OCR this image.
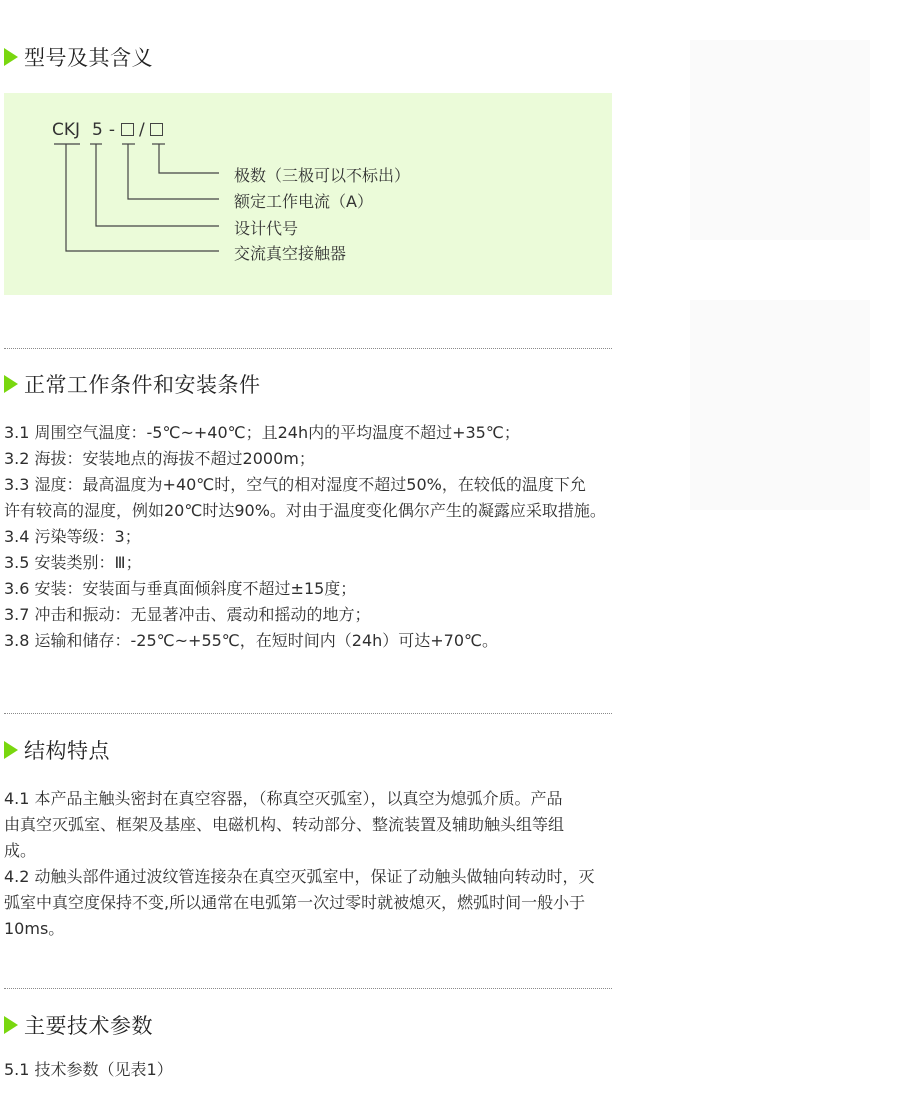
型号及其含义
CKJ 5 - /
极数（三极可以不标出）
额定工作电流（A）
设计代号
交流真空接触器
正常工作条件和安装条件
3.1 周围空气温度：-5℃~+40℃；且24h内的平均温度不超过+35℃；
3.2 海拔：安装地点的海拔不超过2000m；
3.3 湿度：最高温度为+40℃时，空气的相对湿度不超过50%，在较低的温度下允
许有较高的湿度，例如20℃时达90%。对由于温度变化偶尔产生的凝露应采取措施。
3.4 污染等级：3；
3.5 安装类别：Ⅲ；
3.6 安装：安装面与垂真面倾斜度不超过±15度；
3.7 冲击和振动：无显著冲击、震动和摇动的地方；
3.8 运输和储存：-25℃~+55℃，在短时间内（24h）可达+70℃。
结构特点
4.1 本产品主触头密封在真空容器，（称真空灭弧室），以真空为熄弧介质。产品
由真空灭弧室、框架及基座、电磁机构、转动部分、整流装置及辅助触头组等组
成。
4.2 动触头部件通过波纹管连接杂在真空灭弧室中，保证了动触头做轴向转动时，灭
弧室中真空度保持不变,所以通常在电弧第一次过零时就被熄灭，燃弧时间一般小于
10ms。
主要技术参数
5.1 技术参数（见表1）
